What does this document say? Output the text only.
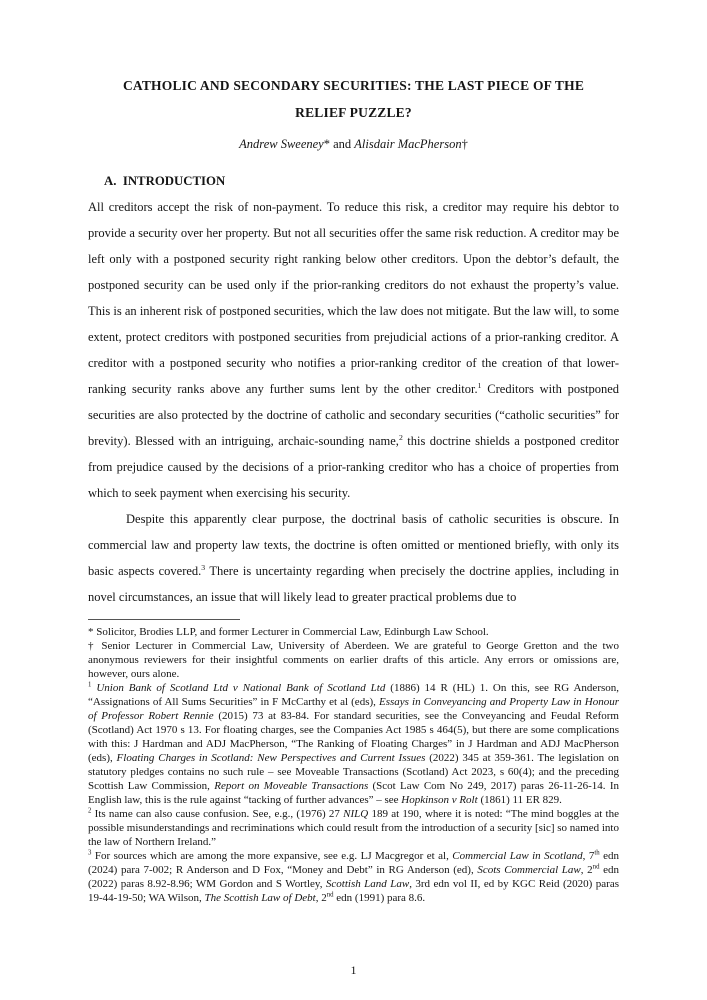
CATHOLIC AND SECONDARY SECURITIES: THE LAST PIECE OF THE
RELIEF PUZZLE?
Andrew Sweeney* and Alisdair MacPherson†
A.  INTRODUCTION

All creditors accept the risk of non-payment. To reduce this risk, a creditor may require his debtor to provide a security over her property. But not all securities offer the same risk reduction. A creditor may be left only with a postponed security right ranking below other creditors. Upon the debtor’s default, the postponed security can be used only if the prior-ranking creditors do not exhaust the property’s value. This is an inherent risk of postponed securities, which the law does not mitigate. But the law will, to some extent, protect creditors with postponed securities from prejudicial actions of a prior-ranking creditor. A creditor with a postponed security who notifies a prior-ranking creditor of the creation of that lower-ranking security ranks above any further sums lent by the other creditor.$^1$ Creditors with postponed securities are also protected by the doctrine of catholic and secondary securities (“catholic securities” for brevity). Blessed with an intriguing, archaic-sounding name,$^2$ this doctrine shields a postponed creditor from prejudice caused by the decisions of a prior-ranking creditor who has a choice of properties from which to seek payment when exercising his security.

Despite this apparently clear purpose, the doctrinal basis of catholic securities is obscure. In commercial law and property law texts, the doctrine is often omitted or mentioned briefly, with only its basic aspects covered.$^3$ There is uncertainty regarding when precisely the doctrine applies, including in novel circumstances, an issue that will likely lead to greater practical problems due to

* Solicitor, Brodies LLP, and former Lecturer in Commercial Law, Edinburgh Law School.

† Senior Lecturer in Commercial Law, University of Aberdeen. We are grateful to George Gretton and the two anonymous reviewers for their insightful comments on earlier drafts of this article. Any errors or omissions are, however, ours alone.

$^1$ Union Bank of Scotland Ltd v National Bank of Scotland Ltd (1886) 14 R (HL) 1. On this, see RG Anderson, “Assignations of All Sums Securities” in F McCarthy et al (eds), Essays in Conveyancing and Property Law in Honour of Professor Robert Rennie (2015) 73 at 83-84. For standard securities, see the Conveyancing and Feudal Reform (Scotland) Act 1970 s 13. For floating charges, see the Companies Act 1985 s 464(5), but there are some complications with this: J Hardman and ADJ MacPherson, “The Ranking of Floating Charges” in J Hardman and ADJ MacPherson (eds), Floating Charges in Scotland: New Perspectives and Current Issues (2022) 345 at 359-361. The legislation on statutory pledges contains no such rule – see Moveable Transactions (Scotland) Act 2023, s 60(4); and the preceding Scottish Law Commission, Report on Moveable Transactions (Scot Law Com No 249, 2017) paras 26-11-26-14. In English law, this is the rule against “tacking of further advances” – see Hopkinson v Rolt (1861) 11 ER 829.

$^2$ Its name can also cause confusion. See, e.g., (1976) 27 NILQ 189 at 190, where it is noted: “The mind boggles at the possible misunderstandings and recriminations which could result from the introduction of a security [sic] so named into the law of Northern Ireland.”

$^3$ For sources which are among the more expansive, see e.g. LJ Macgregor et al, Commercial Law in Scotland, 7th edn (2024) para 7-002; R Anderson and D Fox, “Money and Debt” in RG Anderson (ed), Scots Commercial Law, 2nd edn (2022) paras 8.92-8.96; WM Gordon and S Wortley, Scottish Land Law, 3rd edn vol II, ed by KGC Reid (2020) paras 19-44-19-50; WA Wilson, The Scottish Law of Debt, 2nd edn (1991) para 8.6.

1
